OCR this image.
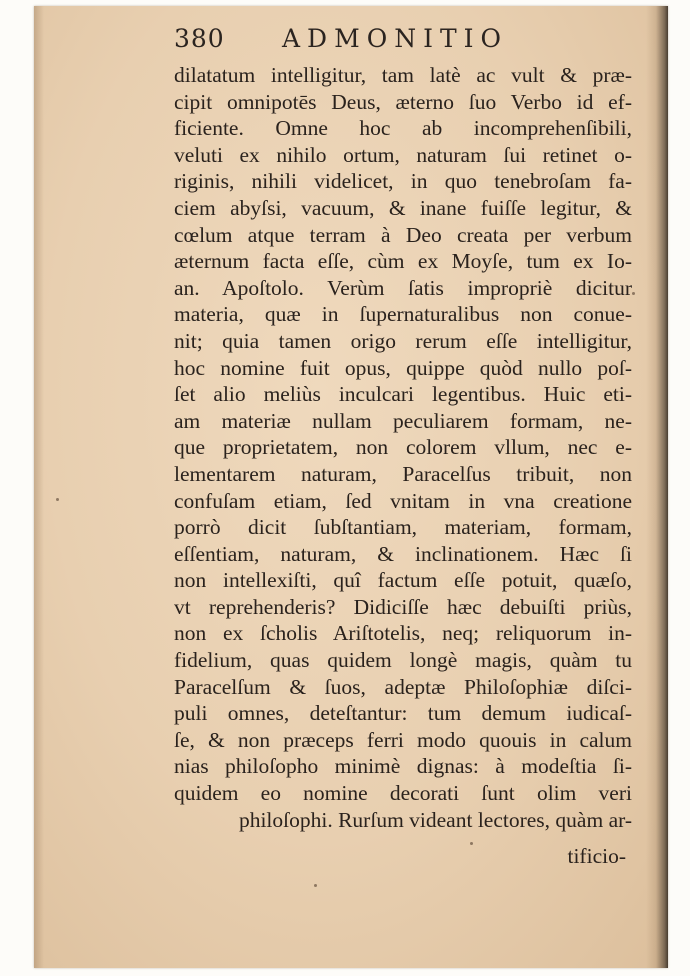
380 ADMONITIO
dilatatum intelligitur, tam latè ac vult & præ-
cipit omnipotēs Deus, æterno ſuo Verbo id ef-
ficiente. Omne hoc ab incomprehenſibili,
veluti ex nihilo ortum, naturam ſui retinet o-
riginis, nihili videlicet, in quo tenebroſam fa-
ciem abyſsi, vacuum, & inane fuiſſe legitur, &
cœlum atque terram à Deo creata per verbum
æternum factа eſſe, cùm ex Moyſe, tum ex Io-
an. Apoſtolo. Verùm ſatis impropriè dicitur
materia, quæ in ſupernaturalibus non conue-
nit; quia tamen origo rerum eſſe intelligitur,
hoc nomine fuit opus, quippe quòd nullo poſ-
ſet alio meliùs inculcari legentibus. Huic eti-
am materiæ nullam peculiarem formam, ne-
que proprietatem, non colorem vllum, nec e-
lementarem naturam, Paracelſus tribuit, non
confuſam etiam, ſed vnitam in vna creatione
porrò dicit ſubſtantiam, materiam, formam,
eſſentiam, naturam, & inclinationem. Hæc ſi
non intellexiſti, quî factum eſſe potuit, quæſo,
vt reprehenderis? Didiciſſe hæc debuiſti priùs,
non ex ſcholis Ariſtotelis, neq; reliquorum in-
fidelium, quas quidem longè magis, quàm tu
Paracelſum & ſuos, adeptæ Philoſophiæ diſci-
puli omnes, deteſtantur: tum demum iudicaſ-
ſe, & non præceps ferri modo quouis in calum
nias philoſopho minimè dignas: à modeſtia ſi-
quidem eo nomine decorati ſunt olim veri
philoſophi. Rurſum videant lectores, quàm ar-
tificio-
